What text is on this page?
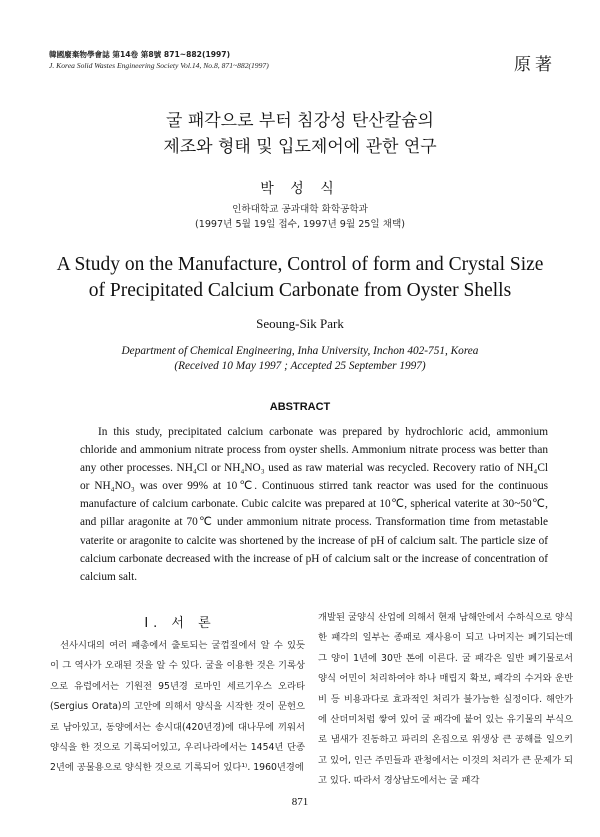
韓國廢棄物學會誌 第14卷 第8號 871~882(1997)
J. Korea Solid Wastes Engineering Society Vol.14, No.8, 871~882(1997)	原著
굴 패각으로 부터 침강성 탄산칼슘의
제조와 형태 및 입도제어에 관한 연구
박 성 식
인하대학교 공과대학 화학공학과
(1997년 5월 19일 접수, 1997년 9월 25일 채택)
A Study on the Manufacture, Control of form and Crystal Size
of Precipitated Calcium Carbonate from Oyster Shells
Seoung-Sik Park
Department of Chemical Engineering, Inha University, Inchon 402-751, Korea
(Received 10 May 1997 ; Accepted 25 September 1997)
ABSTRACT
In this study, precipitated calcium carbonate was prepared by hydrochloric acid, ammonium chloride and ammonium nitrate process from oyster shells. Ammonium nitrate process was better than any other processes. NH₄Cl or NH₄NO₃ used as raw material was recycled. Recovery ratio of NH₄Cl or NH₄NO₃ was over 99% at 10℃. Continuous stirred tank reactor was used for the continuous manufacture of calcium carbonate. Cubic calcite was prepared at 10℃, spherical vaterite at 30~50℃, and pillar aragonite at 70℃ under ammonium nitrate process. Transformation time from metastable vaterite or aragonite to calcite was shortened by the increase of pH of calcium salt. The particle size of calcium carbonate decreased with the increase of pH of calcium salt or the increase of concentration of calcium salt.
I. 서 론
선사시대의 여러 패총에서 출토되는 굴껍질에서 알 수 있듯이 그 역사가 오래된 것을 알 수 있다. 굴을 이용한 것은 기록상으로 유럽에서는 기원전 95년경 로마인 세르기우스 오라타(Sergius Orata)의 고안에 의해서 양식을 시작한 것이 문헌으로 남아있고, 동양에서는 송시대(420년경)에 대나무에 끼워서 양식을 한 것으로 기록되어있고, 우리나라에서는 1454년 단종 2년에 공물용으로 양식한 것으로 기록되어 있다¹⁾. 1960년경에
개발된 굴양식 산업에 의해서 현재 남해안에서 수하식으로 양식한 패각의 일부는 종패로 재사용이 되고 나머지는 폐기되는데 그 양이 1년에 30만 톤에 이른다. 굴 패각은 일반 폐기물로서 양식 어민이 처리하여야 하나 매립지 확보, 패각의 수거와 운반비 등 비용과다로 효과적인 처리가 불가능한 실정이다. 해안가에 산더미처럼 쌓여 있어 굴 패각에 붙어 있는 유기물의 부식으로 냄새가 진동하고 파리의 온집으로 위생상 큰 공해를 일으키고 있어, 인근 주민들과 관청에서는 이것의 처리가 큰 문제가 되고 있다. 따라서 경상남도에서는 굴 패각
871
